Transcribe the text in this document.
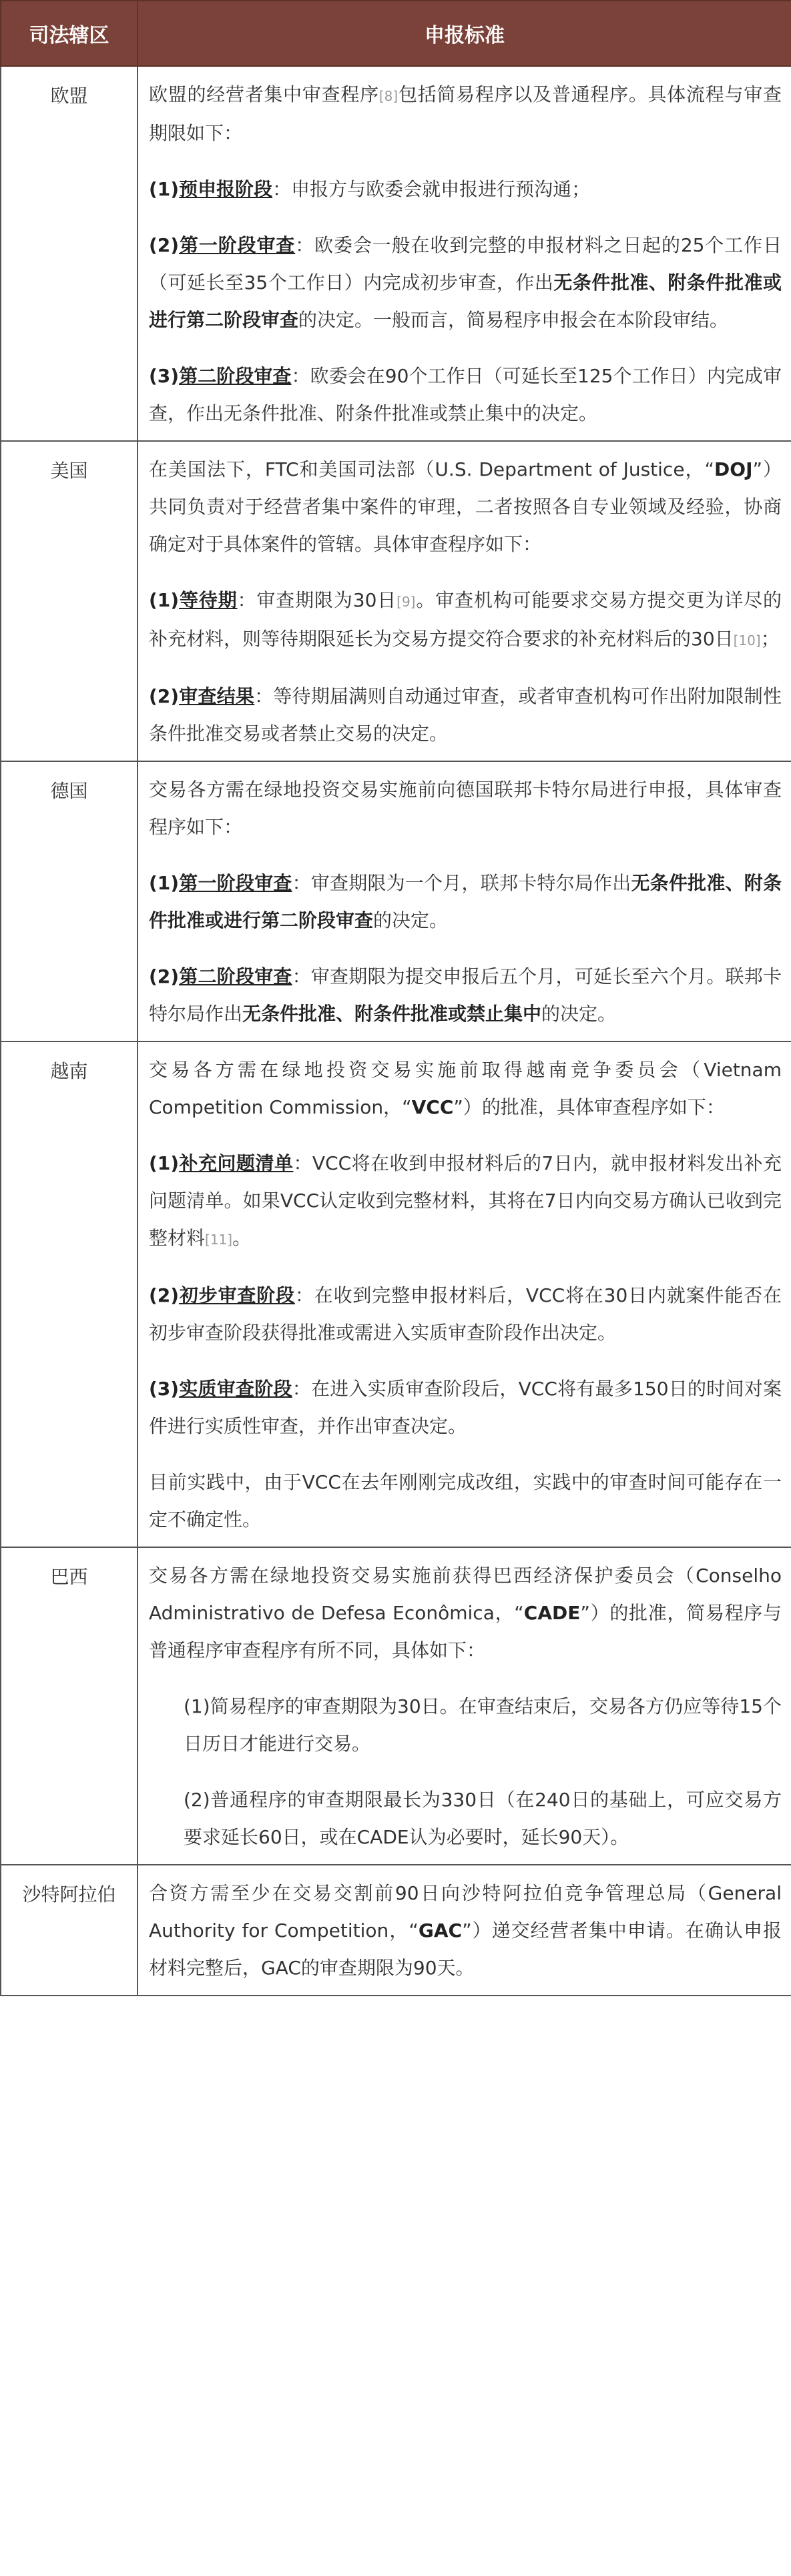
司法辖区	申报标准
欧盟	欧盟的经营者集中审查程序[8]包括简易程序以及普通程序。具体流程与审查期限如下：

(1)预申报阶段：申报方与欧委会就申报进行预沟通；

(2)第一阶段审查：欧委会一般在收到完整的申报材料之日起的25个工作日（可延长至35个工作日）内完成初步审查，作出无条件批准、附条件批准或进行第二阶段审查的决定。一般而言，简易程序申报会在本阶段审结。

(3)第二阶段审查：欧委会在90个工作日（可延长至125个工作日）内完成审查，作出无条件批准、附条件批准或禁止集中的决定。

美国	在美国法下，FTC和美国司法部（U.S. Department of Justice，“DOJ”）共同负责对于经营者集中案件的审理，二者按照各自专业领域及经验，协商确定对于具体案件的管辖。具体审查程序如下：

(1)等待期：审查期限为30日[9]。审查机构可能要求交易方提交更为详尽的补充材料，则等待期限延长为交易方提交符合要求的补充材料后的30日[10]；

(2)审查结果：等待期届满则自动通过审查，或者审查机构可作出附加限制性条件批准交易或者禁止交易的决定。

德国	交易各方需在绿地投资交易实施前向德国联邦卡特尔局进行申报，具体审查程序如下：

(1)第一阶段审查：审查期限为一个月，联邦卡特尔局作出无条件批准、附条件批准或进行第二阶段审查的决定。

(2)第二阶段审查：审查期限为提交申报后五个月，可延长至六个月。联邦卡特尔局作出无条件批准、附条件批准或禁止集中的决定。

越南	交易各方需在绿地投资交易实施前取得越南竞争委员会（Vietnam Competition Commission，“VCC”）的批准，具体审查程序如下：

(1)补充问题清单：VCC将在收到申报材料后的7日内，就申报材料发出补充问题清单。如果VCC认定收到完整材料，其将在7日内向交易方确认已收到完整材料[11]。

(2)初步审查阶段：在收到完整申报材料后，VCC将在30日内就案件能否在初步审查阶段获得批准或需进入实质审查阶段作出决定。

(3)实质审查阶段：在进入实质审查阶段后，VCC将有最多150日的时间对案件进行实质性审查，并作出审查决定。

目前实践中，由于VCC在去年刚刚完成改组，实践中的审查时间可能存在一定不确定性。

巴西	交易各方需在绿地投资交易实施前获得巴西经济保护委员会（Conselho Administrativo de Defesa Econômica，“CADE”）的批准，简易程序与普通程序审查程序有所不同，具体如下：

(1)简易程序的审查期限为30日。在审查结束后，交易各方仍应等待15个日历日才能进行交易。

(2)普通程序的审查期限最长为330日（在240日的基础上，可应交易方要求延长60日，或在CADE认为必要时，延长90天）。

沙特阿拉伯	合资方需至少在交易交割前90日向沙特阿拉伯竞争管理总局（General Authority for Competition，“GAC”）递交经营者集中申请。在确认申报材料完整后，GAC的审查期限为90天。
